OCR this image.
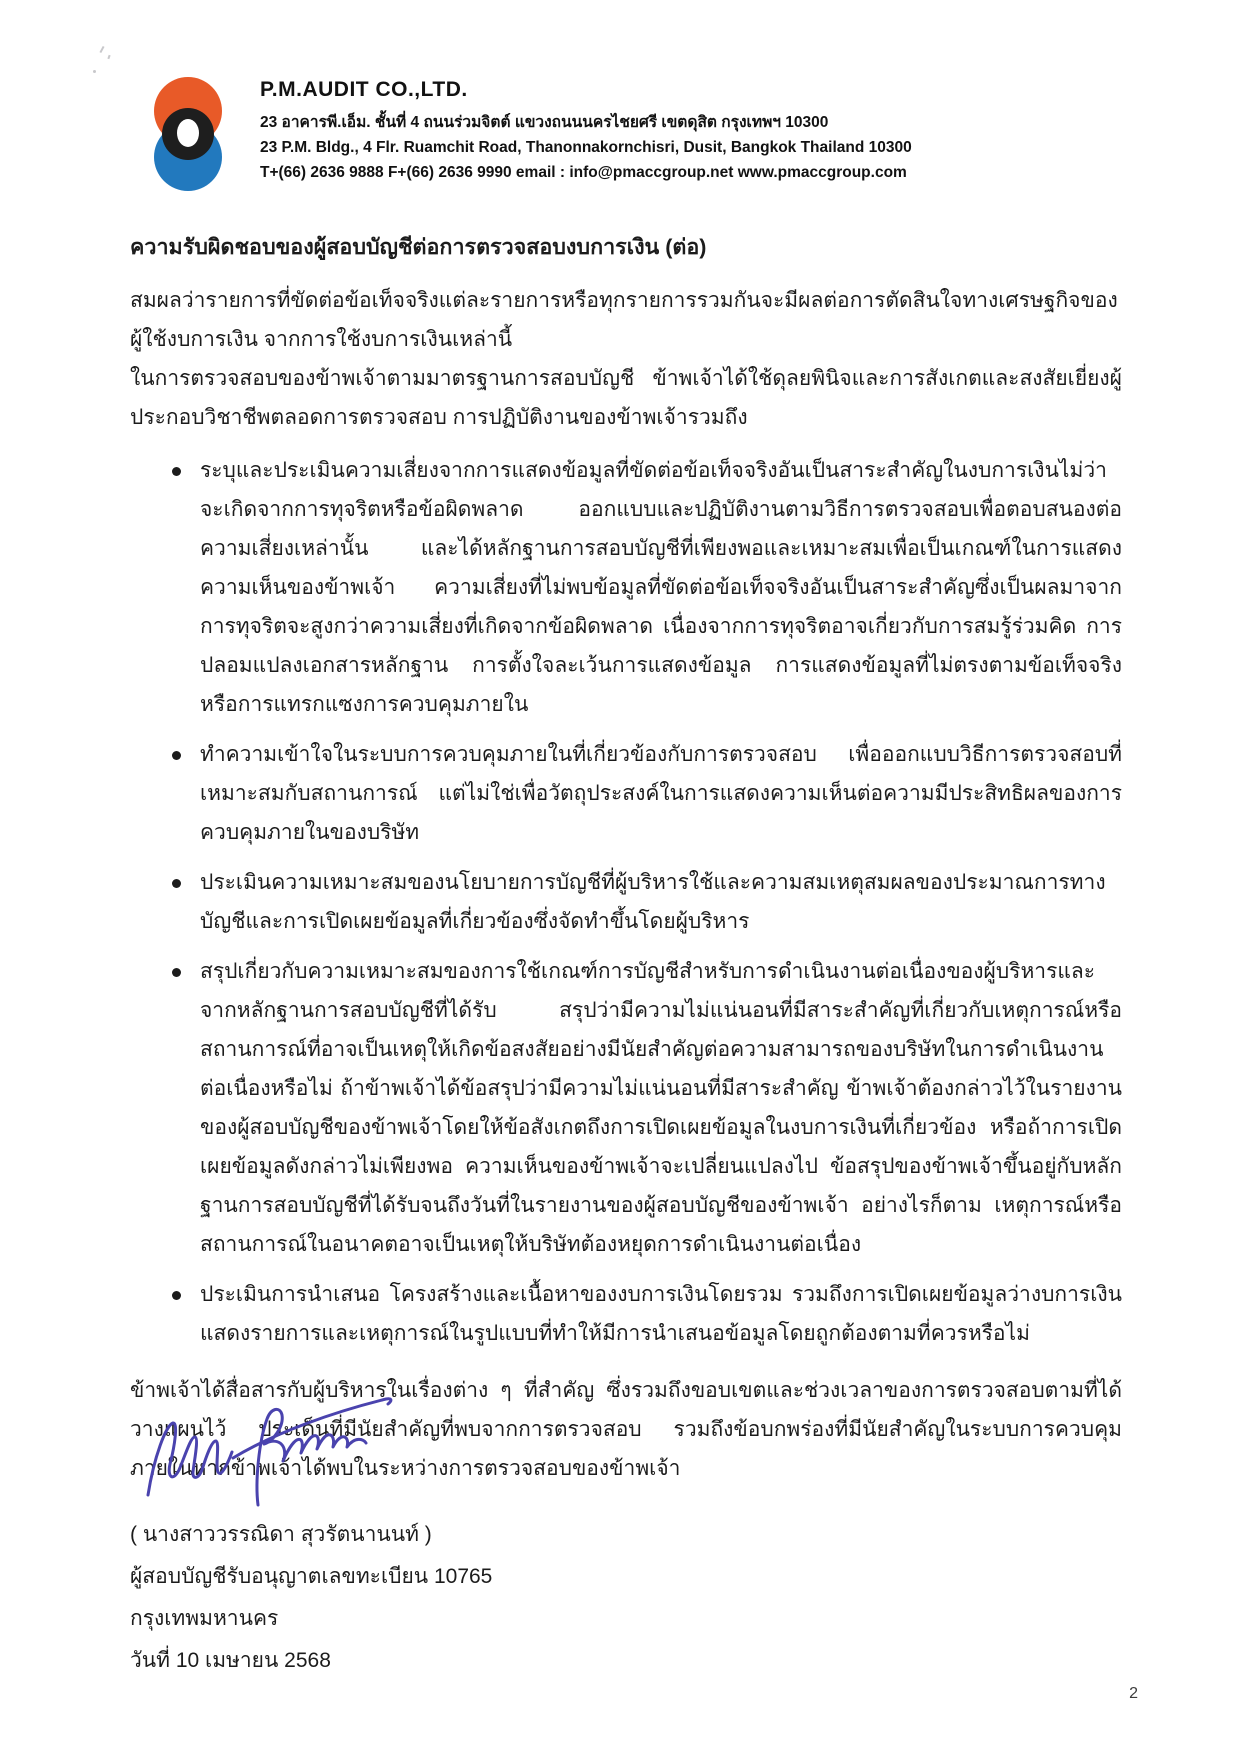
P.M.AUDIT CO.,LTD.
23 อาคารพี.เอ็ม. ชั้นที่ 4 ถนนร่วมจิตต์ แขวงถนนนครไชยศรี เขตดุสิต กรุงเทพฯ 10300
23 P.M. Bldg., 4 Flr. Ruamchit Road, Thanonnakornchisri, Dusit, Bangkok Thailand 10300
T+(66) 2636 9888 F+(66) 2636 9990 email : info@pmaccgroup.net www.pmaccgroup.com
ความรับผิดชอบของผู้สอบบัญชีต่อการตรวจสอบงบการเงิน (ต่อ)

สมผลว่ารายการที่ขัดต่อข้อเท็จจริงแต่ละรายการหรือทุกรายการรวมกันจะมีผลต่อการตัดสินใจทางเศรษฐกิจของผู้ใช้งบการเงิน จากการใช้งบการเงินเหล่านี้

ในการตรวจสอบของข้าพเจ้าตามมาตรฐานการสอบบัญชี ข้าพเจ้าได้ใช้ดุลยพินิจและการสังเกตและสงสัยเยี่ยงผู้ประกอบวิชาชีพตลอดการตรวจสอบ การปฏิบัติงานของข้าพเจ้ารวมถึง

ระบุและประเมินความเสี่ยงจากการแสดงข้อมูลที่ขัดต่อข้อเท็จจริงอันเป็นสาระสำคัญในงบการเงินไม่ว่าจะเกิดจากการทุจริตหรือข้อผิดพลาด ออกแบบและปฏิบัติงานตามวิธีการตรวจสอบเพื่อตอบสนองต่อความเสี่ยงเหล่านั้น และได้หลักฐานการสอบบัญชีที่เพียงพอและเหมาะสมเพื่อเป็นเกณฑ์ในการแสดงความเห็นของข้าพเจ้า ความเสี่ยงที่ไม่พบข้อมูลที่ขัดต่อข้อเท็จจริงอันเป็นสาระสำคัญซึ่งเป็นผลมาจากการทุจริตจะสูงกว่าความเสี่ยงที่เกิดจากข้อผิดพลาด เนื่องจากการทุจริตอาจเกี่ยวกับการสมรู้ร่วมคิด การปลอมแปลงเอกสารหลักฐาน การตั้งใจละเว้นการแสดงข้อมูล การแสดงข้อมูลที่ไม่ตรงตามข้อเท็จจริงหรือการแทรกแซงการควบคุมภายใน
ทำความเข้าใจในระบบการควบคุมภายในที่เกี่ยวข้องกับการตรวจสอบ เพื่อออกแบบวิธีการตรวจสอบที่เหมาะสมกับสถานการณ์ แต่ไม่ใช่เพื่อวัตถุประสงค์ในการแสดงความเห็นต่อความมีประสิทธิผลของการควบคุมภายในของบริษัท
ประเมินความเหมาะสมของนโยบายการบัญชีที่ผู้บริหารใช้และความสมเหตุสมผลของประมาณการทางบัญชีและการเปิดเผยข้อมูลที่เกี่ยวข้องซึ่งจัดทำขึ้นโดยผู้บริหาร
สรุปเกี่ยวกับความเหมาะสมของการใช้เกณฑ์การบัญชีสำหรับการดำเนินงานต่อเนื่องของผู้บริหารและจากหลักฐานการสอบบัญชีที่ได้รับ สรุปว่ามีความไม่แน่นอนที่มีสาระสำคัญที่เกี่ยวกับเหตุการณ์หรือสถานการณ์ที่อาจเป็นเหตุให้เกิดข้อสงสัยอย่างมีนัยสำคัญต่อความสามารถของบริษัทในการดำเนินงานต่อเนื่องหรือไม่ ถ้าข้าพเจ้าได้ข้อสรุปว่ามีความไม่แน่นอนที่มีสาระสำคัญ ข้าพเจ้าต้องกล่าวไว้ในรายงานของผู้สอบบัญชีของข้าพเจ้าโดยให้ข้อสังเกตถึงการเปิดเผยข้อมูลในงบการเงินที่เกี่ยวข้อง หรือถ้าการเปิดเผยข้อมูลดังกล่าวไม่เพียงพอ ความเห็นของข้าพเจ้าจะเปลี่ยนแปลงไป ข้อสรุปของข้าพเจ้าขึ้นอยู่กับหลักฐานการสอบบัญชีที่ได้รับจนถึงวันที่ในรายงานของผู้สอบบัญชีของข้าพเจ้า อย่างไรก็ตาม เหตุการณ์หรือสถานการณ์ในอนาคตอาจเป็นเหตุให้บริษัทต้องหยุดการดำเนินงานต่อเนื่อง
ประเมินการนำเสนอ โครงสร้างและเนื้อหาของงบการเงินโดยรวม รวมถึงการเปิดเผยข้อมูลว่างบการเงินแสดงรายการและเหตุการณ์ในรูปแบบที่ทำให้มีการนำเสนอข้อมูลโดยถูกต้องตามที่ควรหรือไม่

ข้าพเจ้าได้สื่อสารกับผู้บริหารในเรื่องต่าง ๆ ที่สำคัญ ซึ่งรวมถึงขอบเขตและช่วงเวลาของการตรวจสอบตามที่ได้วางแผนไว้ ประเด็นที่มีนัยสำคัญที่พบจากการตรวจสอบ รวมถึงข้อบกพร่องที่มีนัยสำคัญในระบบการควบคุมภายในหากข้าพเจ้าได้พบในระหว่างการตรวจสอบของข้าพเจ้า

( นางสาววรรณิดา สุวรัตนานนท์ )
ผู้สอบบัญชีรับอนุญาตเลขทะเบียน 10765
กรุงเทพมหานคร
วันที่ 10 เมษายน 2568
2
